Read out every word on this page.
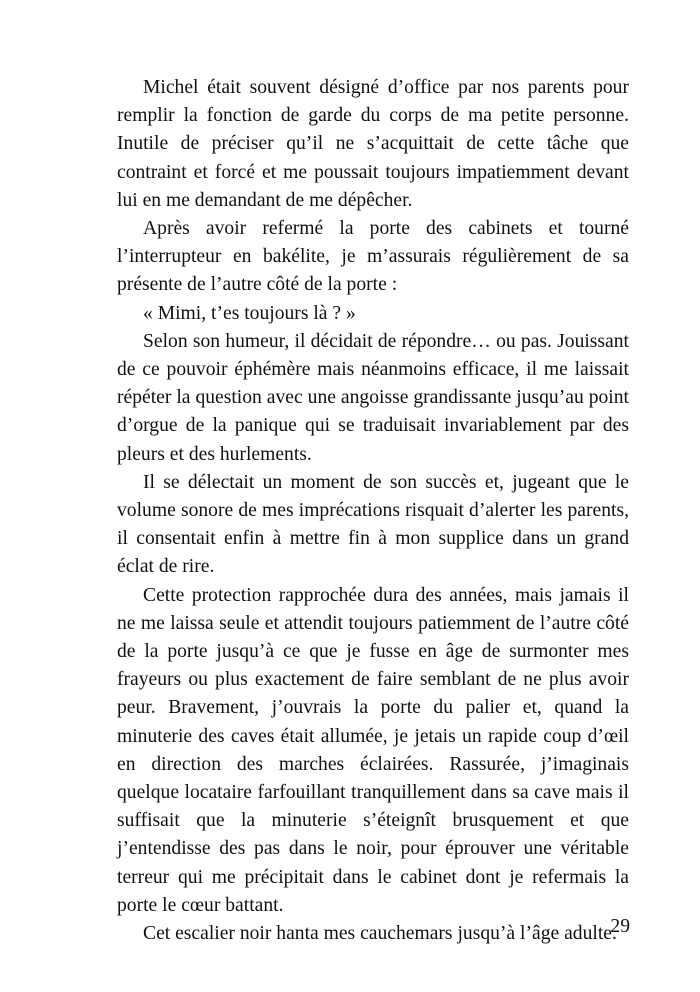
Michel était souvent désigné d’office par nos parents pour remplir la fonction de garde du corps de ma petite personne. Inutile de préciser qu’il ne s’acquittait de cette tâche que contraint et forcé et me poussait toujours impatiemment devant lui en me demandant de me dépêcher.

Après avoir refermé la porte des cabinets et tourné l’interrupteur en bakélite, je m’assurais régulièrement de sa présente de l’autre côté de la porte :

« Mimi, t’es toujours là ? »

Selon son humeur, il décidait de répondre… ou pas. Jouissant de ce pouvoir éphémère mais néanmoins efficace, il me laissait répéter la question avec une angoisse grandissante jusqu’au point d’orgue de la panique qui se traduisait invariablement par des pleurs et des hurlements.

Il se délectait un moment de son succès et, jugeant que le volume sonore de mes imprécations risquait d’alerter les parents, il consentait enfin à mettre fin à mon supplice dans un grand éclat de rire.

Cette protection rapprochée dura des années, mais jamais il ne me laissa seule et attendit toujours patiemment de l’autre côté de la porte jusqu’à ce que je fusse en âge de surmonter mes frayeurs ou plus exactement de faire semblant de ne plus avoir peur. Bravement, j’ouvrais la porte du palier et, quand la minuterie des caves était allumée, je jetais un rapide coup d’œil en direction des marches éclairées. Rassurée, j’imaginais quelque locataire farfouillant tranquillement dans sa cave mais il suffisait que la minuterie s’éteignît brusquement et que j’entendisse des pas dans le noir, pour éprouver une véritable terreur qui me précipitait dans le cabinet dont je refermais la porte le cœur battant.

Cet escalier noir hanta mes cauchemars jusqu’à l’âge adulte.

29
